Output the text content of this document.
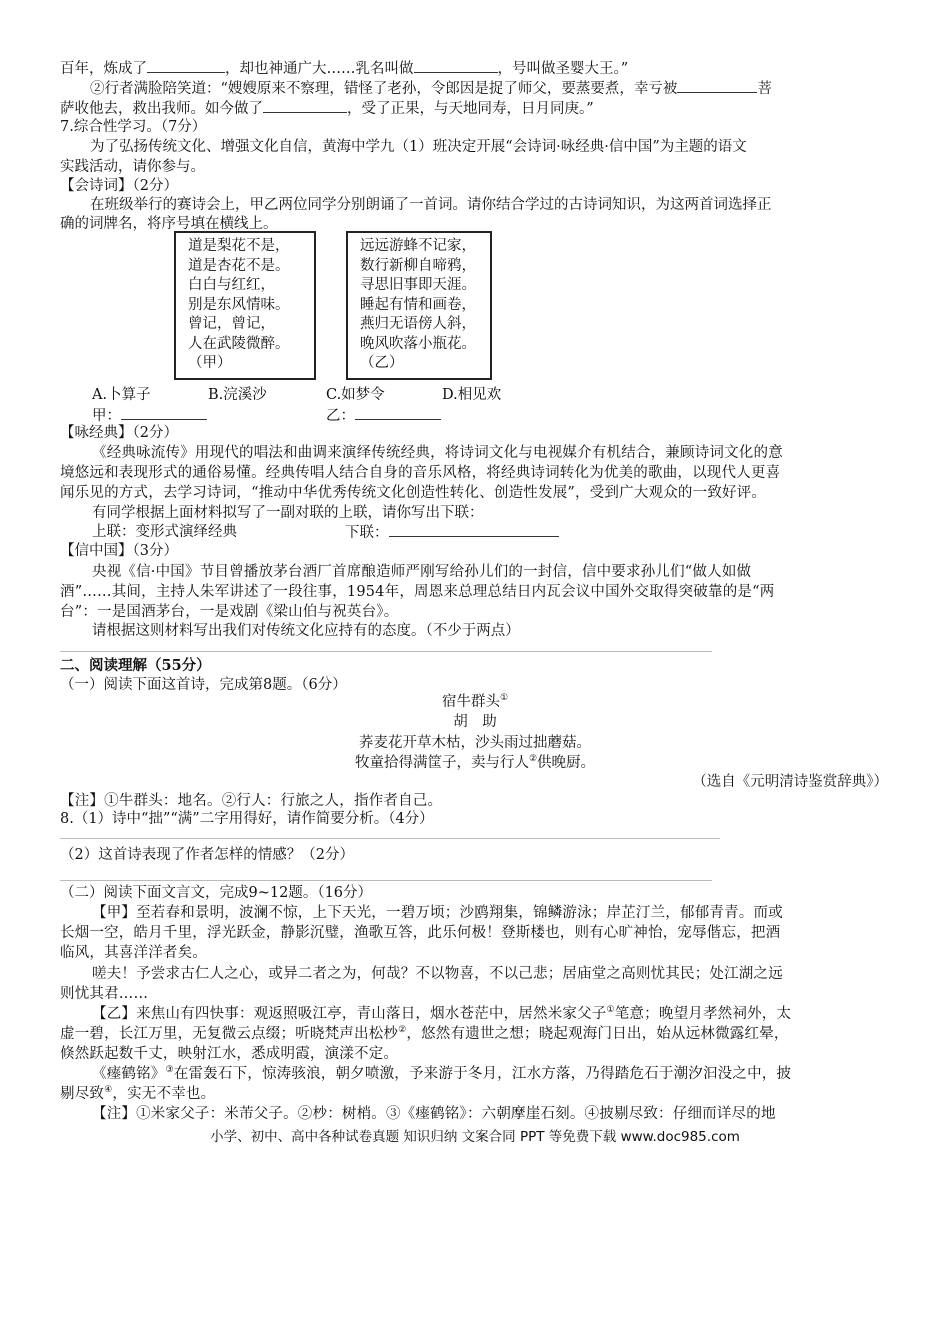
百年，炼成了	，却也神通广大……乳名叫做	，号叫做圣婴大王。”
②行者满脸陪笑道：“嫂嫂原来不察理，错怪了老孙，令郎因是捉了师父，要蒸要煮，幸亏被	菩
萨收他去，救出我师。如今做了	，受了正果，与天地同寿，日月同庚。”
7.综合性学习。（7分）
为了弘扬传统文化、增强文化自信，黄海中学九（1）班决定开展“会诗词·咏经典·信中国”为主题的语文
实践活动，请你参与。
【会诗词】（2分）
在班级举行的赛诗会上，甲乙两位同学分别朗诵了一首词。请你结合学过的古诗词知识，为这两首词选择正
确的词牌名，将序号填在横线上。
道是梨花不是，
道是杏花不是。
白白与红红，
别是东风情味。
曾记，曾记，
人在武陵微醉。
（甲）
远远游蜂不记家，
数行新柳自啼鸦，
寻思旧事即天涯。
睡起有情和画卷，
燕归无语傍人斜，
晚风吹落小瓶花。
（乙）
A.卜算子	B.浣溪沙	C.如梦令	D.相见欢
甲：	乙：
【咏经典】（2分）
《经典咏流传》用现代的唱法和曲调来演绎传统经典，将诗词文化与电视媒介有机结合，兼顾诗词文化的意
境悠远和表现形式的通俗易懂。经典传唱人结合自身的音乐风格，将经典诗词转化为优美的歌曲，以现代人更喜
闻乐见的方式，去学习诗词，“推动中华优秀传统文化创造性转化、创造性发展”，受到广大观众的一致好评。
有同学根据上面材料拟写了一副对联的上联，请你写出下联：
上联：变形式演绎经典	下联：
【信中国】（3分）
央视《信·中国》节目曾播放茅台酒厂首席酿造师严刚写给孙儿们的一封信，信中要求孙儿们“做人如做
酒”……其间，主持人朱军讲述了一段往事，1954年，周恩来总理总结日内瓦会议中国外交取得突破靠的是“两
台”：一是国酒茅台，一是戏剧《梁山伯与祝英台》。
请根据这则材料写出我们对传统文化应持有的态度。（不少于两点）
二、阅读理解（55分）
（一）阅读下面这首诗，完成第8题。（6分）
宿牛群头①
胡　助
荞麦花开草木枯，沙头雨过拙蘑菇。
牧童拾得满筐子，卖与行人②供晚厨。
（选自《元明清诗鉴赏辞典》）
【注】①牛群头：地名。②行人：行旅之人，指作者自己。
8.（1）诗中“拙”“满”二字用得好，请作简要分析。（4分）
（2）这首诗表现了作者怎样的情感？（2分）
（二）阅读下面文言文，完成9~12题。（16分）
【甲】至若春和景明，波澜不惊，上下天光，一碧万顷；沙鸥翔集，锦鳞游泳；岸芷汀兰，郁郁青青。而或
长烟一空，皓月千里，浮光跃金，静影沉璧，渔歌互答，此乐何极！登斯楼也，则有心旷神怡，宠辱偕忘，把酒
临风，其喜洋洋者矣。
嗟夫！予尝求古仁人之心，或异二者之为，何哉？不以物喜，不以己悲；居庙堂之高则忧其民；处江湖之远
则忧其君……
【乙】来焦山有四快事：观返照吸江亭，青山落日，烟水苍茫中，居然米家父子①笔意；晚望月孝然祠外，太
虚一碧，长江万里，无复微云点缀；听晓梵声出松杪②，悠然有遗世之想；晓起观海门日出，始从远林微露红晕，
倏然跃起数千丈，映射江水，悉成明霞，演漾不定。
《瘗鹤铭》③在雷轰石下，惊涛骇浪，朝夕喷激，予来游于冬月，江水方落，乃得踏危石于潮汐汩没之中，披
剔尽致④，实无不幸也。
【注】①米家父子：米芾父子。②杪：树梢。③《瘗鹤铭》：六朝摩崖石刻。④披剔尽致：仔细而详尽的地
小学、初中、高中各种试卷真题 知识归纳 文案合同 PPT 等免费下载 www.doc985.com
